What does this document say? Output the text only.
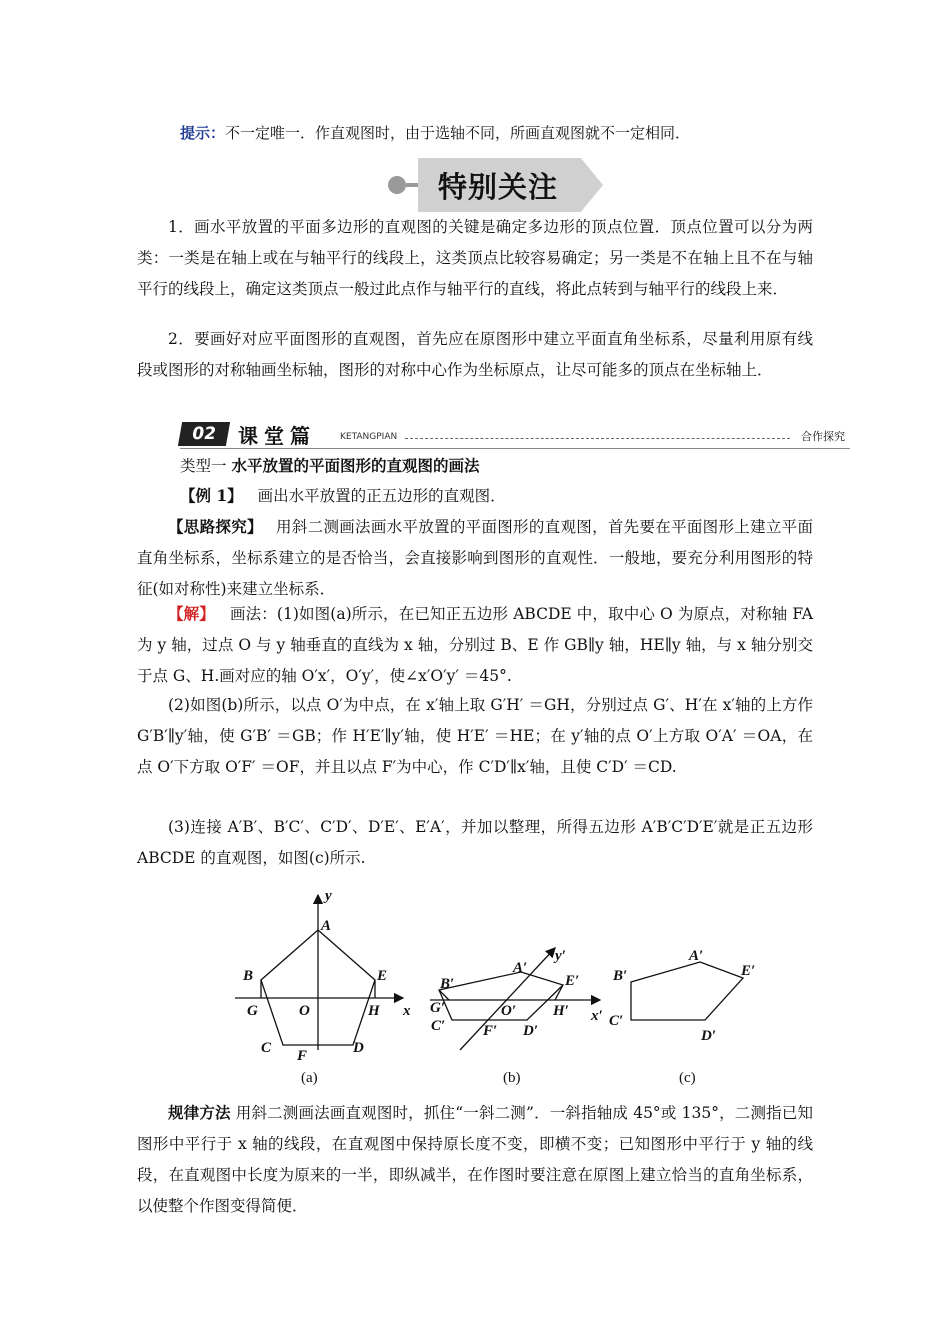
提示：不一定唯一．作直观图时，由于选轴不同，所画直观图就不一定相同．
特别关注
1．画水平放置的平面多边形的直观图的关键是确定多边形的顶点位置．顶点位置可以分为两类：一类是在轴上或在与轴平行的线段上，这类顶点比较容易确定；另一类是不在轴上且不在与轴平行的线段上，确定这类顶点一般过此点作与轴平行的直线，将此点转到与轴平行的线段上来．
2．要画好对应平面图形的直观图，首先应在原图形中建立平面直角坐标系，尽量利用原有线段或图形的对称轴画坐标轴，图形的对称中心作为坐标原点，让尽可能多的顶点在坐标轴上．
02	课堂篇	KETANGPIAN	合作探究
类型一 水平放置的平面图形的直观图的画法
【例 1】 画出水平放置的正五边形的直观图．
【思路探究】 用斜二测画法画水平放置的平面图形的直观图，首先要在平面图形上建立平面直角坐标系，坐标系建立的是否恰当，会直接影响到图形的直观性．一般地，要充分利用图形的特征(如对称性)来建立坐标系．
【解】 画法：(1)如图(a)所示，在已知正五边形 ABCDE 中，取中心 O 为原点，对称轴 FA 为 y 轴，过点 O 与 y 轴垂直的直线为 x 轴，分别过 B、E 作 GB∥y 轴，HE∥y 轴，与 x 轴分别交于点 G、H.画对应的轴 O′x′，O′y′，使∠x′O′y′ ＝45°.
(2)如图(b)所示，以点 O′为中点，在 x′轴上取 G′H′ ＝GH，分别过点 G′、H′在 x′轴的上方作 G′B′∥y′轴，使 G′B′ ＝GB；作 H′E′∥y′轴，使 H′E′ ＝HE；在 y′轴的点 O′上方取 O′A′ ＝OA，在点 O′下方取 O′F′ ＝OF，并且以点 F′为中心，作 C′D′∥x′轴，且使 C′D′ ＝CD.
(3)连接 A′B′、B′C′、C′D′、D′E′、E′A′，并加以整理，所得五边形 A′B′C′D′E′就是正五边形 ABCDE 的直观图，如图(c)所示.
y
A
B	E
G	O	H x
C F	D
y′
A′
B′	E′
G′	O′ H′ x′
C′	F′ D′
A′
B′	E′
C′
D′
(a)	(b)	(c)
规律方法 用斜二测画法画直观图时，抓住“一斜二测”．一斜指轴成 45°或 135°，二测指已知图形中平行于 x 轴的线段，在直观图中保持原长度不变，即横不变；已知图形中平行于 y 轴的线段，在直观图中长度为原来的一半，即纵减半，在作图时要注意在原图上建立恰当的直角坐标系，以使整个作图变得简便．
